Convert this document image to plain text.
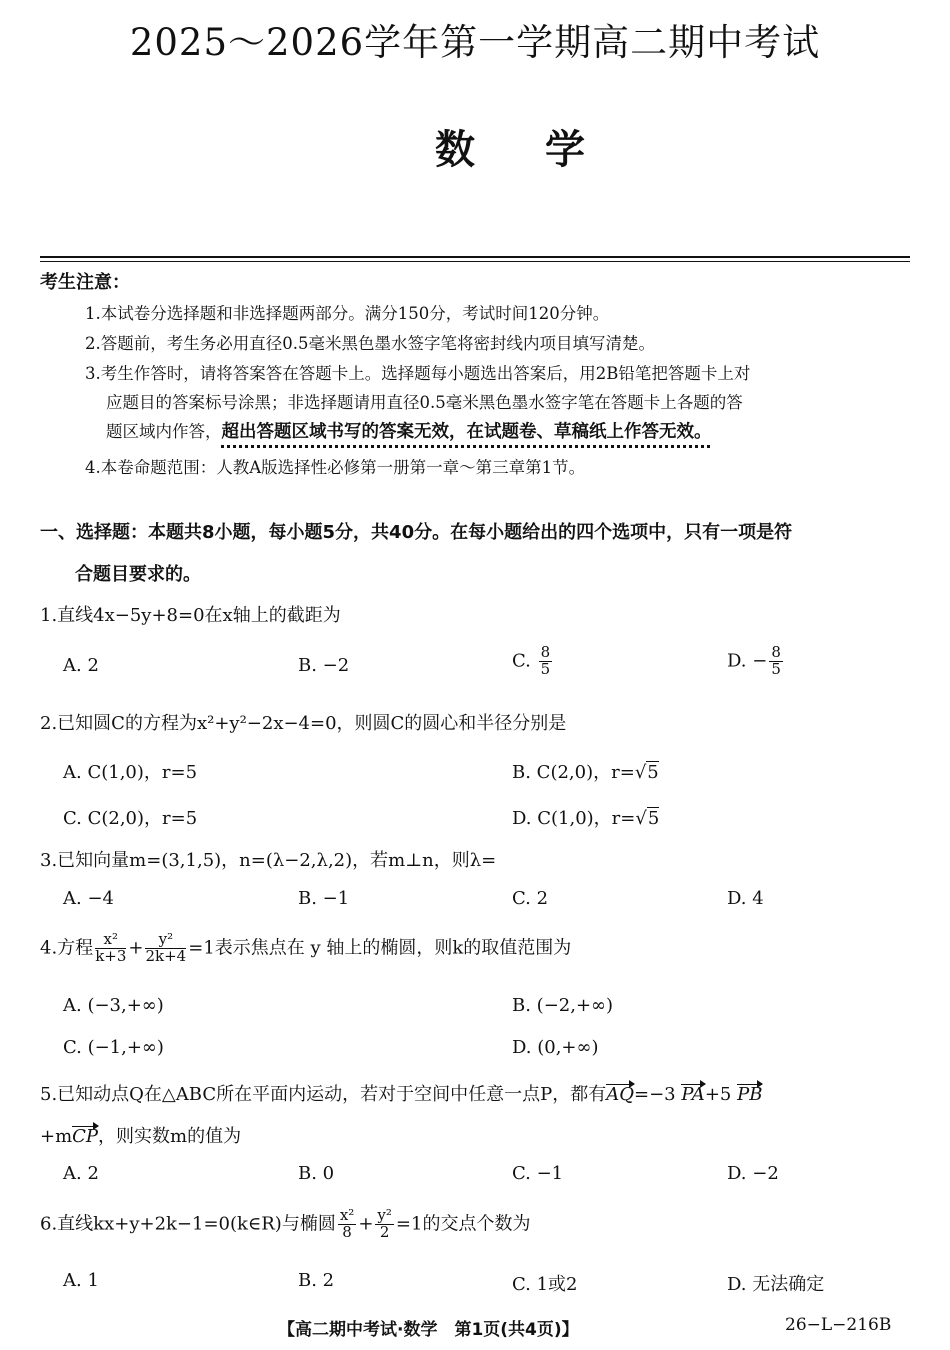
2025～2026学年第一学期高二期中考试
数学
考生注意：
1.本试卷分选择题和非选择题两部分。满分150分，考试时间120分钟。
2.答题前，考生务必用直径0.5毫米黑色墨水签字笔将密封线内项目填写清楚。
3.考生作答时，请将答案答在答题卡上。选择题每小题选出答案后，用2B铅笔把答题卡上对
应题目的答案标号涂黑；非选择题请用直径0.5毫米黑色墨水签字笔在答题卡上各题的答
题区域内作答，超出答题区域书写的答案无效，在试题卷、草稿纸上作答无效。
4.本卷命题范围：人教A版选择性必修第一册第一章～第三章第1节。
一、选择题：本题共8小题，每小题5分，共40分。在每小题给出的四个选项中，只有一项是符
合题目要求的。
1.直线4x−5y+8=0在x轴上的截距为
A. 2	B. −2	C. $\frac{8}{5}$	D. − $\frac{8}{5}$
2.已知圆C的方程为x²+y²−2x−4=0，则圆C的圆心和半径分别是
A. C(1,0)，r=5	B. C(2,0)，r=√5
C. C(2,0)，r=5	D. C(1,0)，r=√5
3.已知向量m=(3,1,5)，n=(λ−2,λ,2)，若m⊥n，则λ=
A. −4	B. −1	C. 2	D. 4
4.方程 $\frac{\text{x²}}{k+3} + \frac{\text{y²}}{2k+4} =1$表示焦点在 y 轴上的椭圆，则k的取值范围为
A. (−3,+∞)	B. (−2,+∞)
C. (−1,+∞)	D. (0,+∞)
5.已知动点Q在△ABC所在平面内运动，若对于空间中任意一点P，都有AQ=−3 PA+5 PB
+mCP，则实数m的值为
A. 2	B. 0	C. −1	D. −2
6.直线kx+y+2k−1=0(k∈R)与椭圆 $\frac{\text{x²}}{8} + \frac{\text{y²}}{2} =1$的交点个数为
A. 1	B. 2	C. 1或2	D. 无法确定
【高二期中考试·数学　第1页(共4页)】	26−L−216B
